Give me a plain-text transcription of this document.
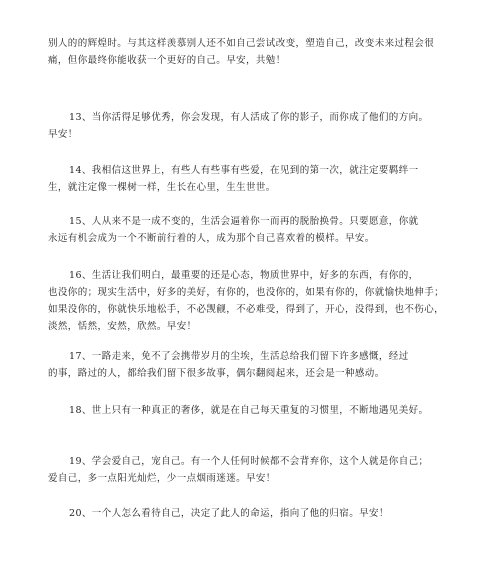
别人的的辉煌时。与其这样羡慕别人还不如自己尝试改变，塑造自己，改变未来过程会很
痛，但你最终你能收获一个更好的自己。早安，共勉！
13、当你活得足够优秀，你会发现，有人活成了你的影子，而你成了他们的方向。
早安！
14、我相信这世界上，有些人有些事有些爱，在见到的第一次，就注定要羁绊一
生，就注定像一棵树一样，生长在心里，生生世世。
15、人从来不是一成不变的，生活会逼着你一而再的脱胎换骨。只要愿意，你就
永远有机会成为一个不断前行着的人，成为那个自己喜欢着的模样。早安。
16、生活让我们明白，最重要的还是心态，物质世界中，好多的东西，有你的，
也没你的；现实生活中，好多的美好，有你的，也没你的，如果有你的，你就愉快地伸手；
如果没你的，你就快乐地松手，不必觊觎，不必难受，得到了，开心，没得到，也不伤心，
淡然，恬然，安然，欣然。早安！
17、一路走来，免不了会携带岁月的尘埃，生活总给我们留下许多感慨，经过
的事，路过的人，都给我们留下很多故事，偶尔翻阅起来，还会是一种感动。
18、世上只有一种真正的奢侈，就是在自己每天重复的习惯里，不断地遇见美好。
19、学会爱自己，宠自己。有一个人任何时候都不会背弃你，这个人就是你自己；
爱自己，多一点阳光灿烂，少一点烟雨迷迷。早安！
20、一个人怎么看待自己，决定了此人的命运，指向了他的归宿。早安！
